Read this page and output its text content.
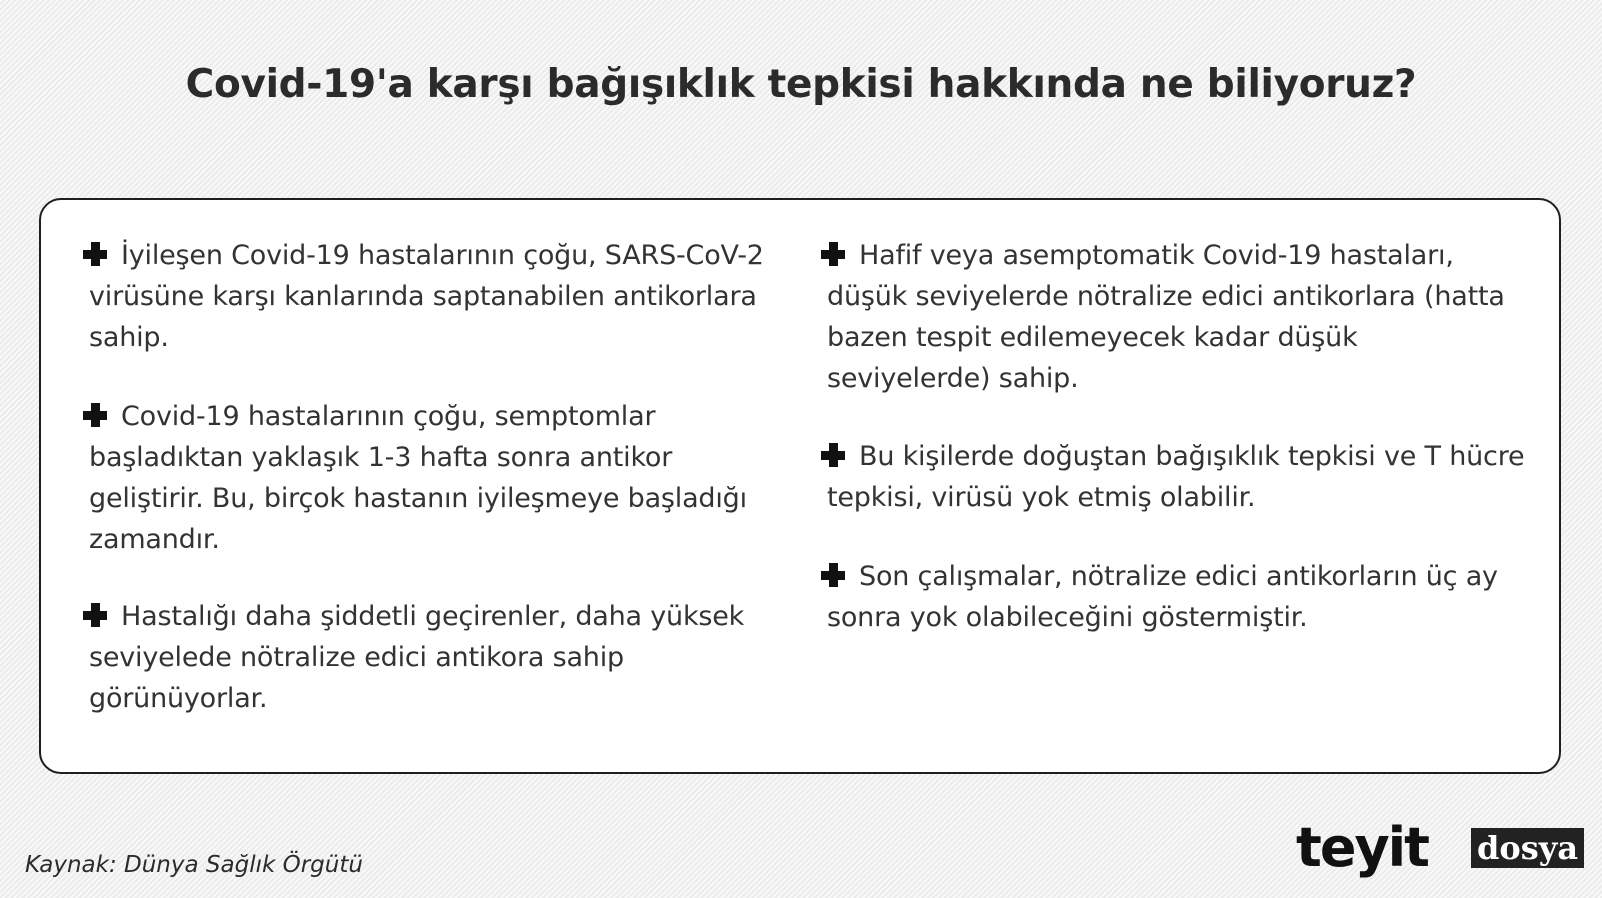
Covid-19'a karşı bağışıklık tepkisi hakkında ne biliyoruz?
İyileşen Covid-19 hastalarının çoğu, SARS-CoV-2 virüsüne karşı kanlarında saptanabilen antikorlara sahip.
Covid-19 hastalarının çoğu, semptomlar başladıktan yaklaşık 1-3 hafta sonra antikor geliştirir. Bu, birçok hastanın iyileşmeye başladığı zamandır.
Hastalığı daha şiddetli geçirenler, daha yüksek seviyelede nötralize edici antikora sahip görünüyorlar.
Hafif veya asemptomatik Covid-19 hastaları, düşük seviyelerde nötralize edici antikorlara (hatta bazen tespit edilemeyecek kadar düşük seviyelerde) sahip.
Bu kişilerde doğuştan bağışıklık tepkisi ve T hücre tepkisi, virüsü yok etmiş olabilir.
Son çalışmalar, nötralize edici antikorların üç ay sonra yok olabileceğini göstermiştir.
Kaynak: Dünya Sağlık Örgütü	teyit dosya
